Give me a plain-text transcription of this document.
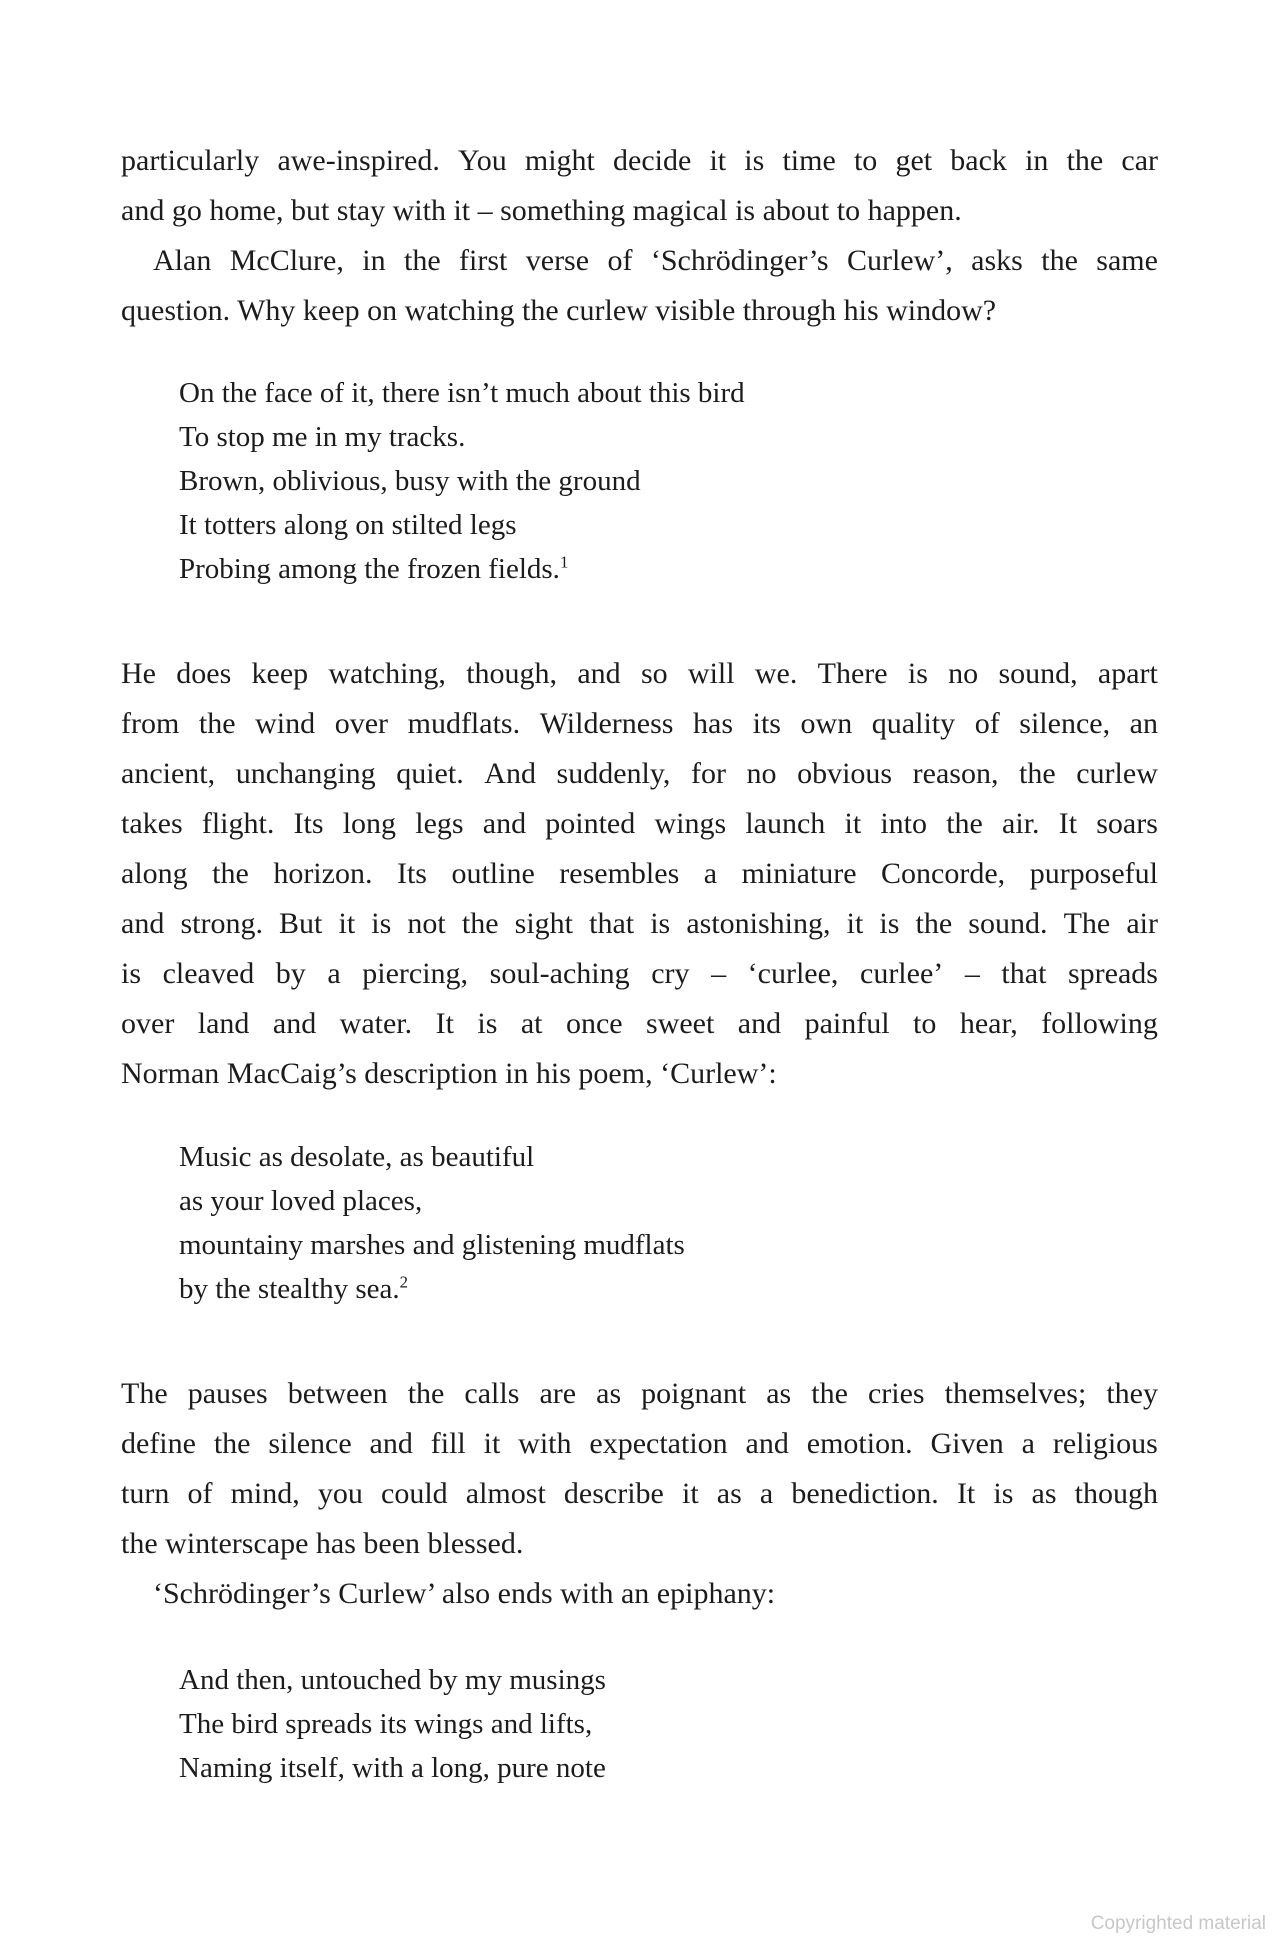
particularly awe-inspired. You might decide it is time to get back in the car
and go home, but stay with it – something magical is about to happen.
Alan McClure, in the first verse of ‘Schrödinger’s Curlew’, asks the same
question. Why keep on watching the curlew visible through his window?
On the face of it, there isn’t much about this bird
To stop me in my tracks.
Brown, oblivious, busy with the ground
It totters along on stilted legs
Probing among the frozen fields.$^1$
He does keep watching, though, and so will we. There is no sound, apart
from the wind over mudflats. Wilderness has its own quality of silence, an
ancient, unchanging quiet. And suddenly, for no obvious reason, the curlew
takes flight. Its long legs and pointed wings launch it into the air. It soars
along the horizon. Its outline resembles a miniature Concorde, purposeful
and strong. But it is not the sight that is astonishing, it is the sound. The air
is cleaved by a piercing, soul-aching cry – ‘curlee, curlee’ – that spreads
over land and water. It is at once sweet and painful to hear, following
Norman MacCaig’s description in his poem, ‘Curlew’:
Music as desolate, as beautiful
as your loved places,
mountainy marshes and glistening mudflats
by the stealthy sea.$^2$
The pauses between the calls are as poignant as the cries themselves; they
define the silence and fill it with expectation and emotion. Given a religious
turn of mind, you could almost describe it as a benediction. It is as though
the winterscape has been blessed.
‘Schrödinger’s Curlew’ also ends with an epiphany:
And then, untouched by my musings
The bird spreads its wings and lifts,
Naming itself, with a long, pure note
Copyrighted material
